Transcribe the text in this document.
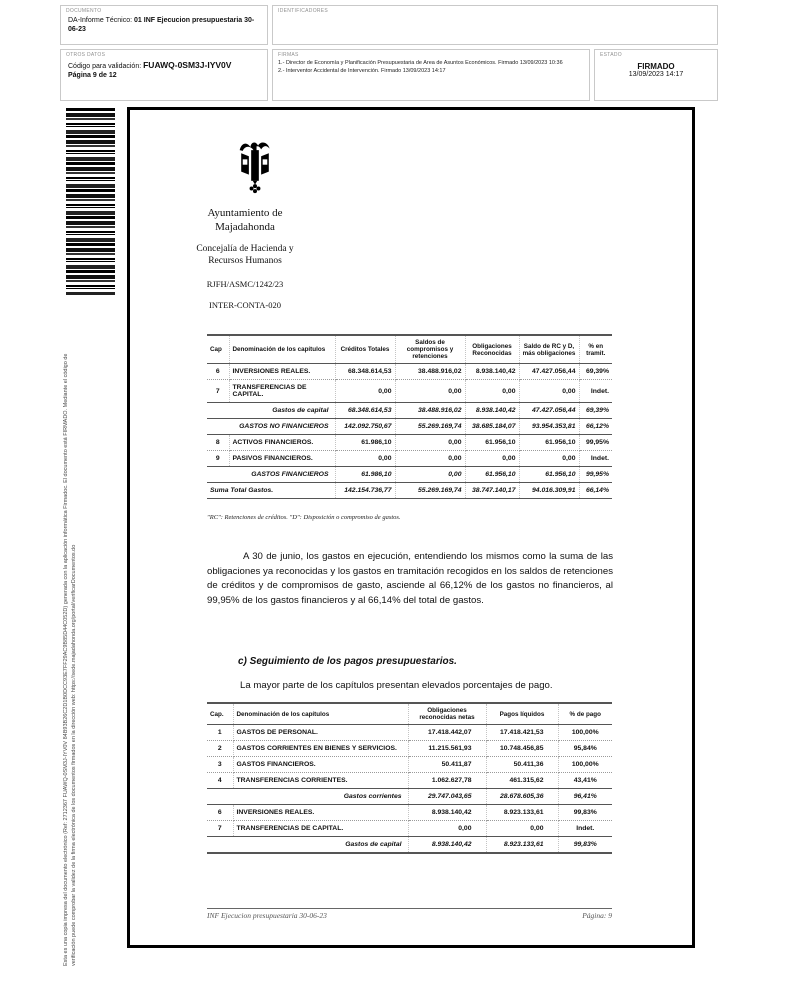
DOCUMENTO
DA-Informe Técnico: 01 INF Ejecucion presupuestaria 30-06-23
IDENTIFICADORES
OTROS DATOS
Código para validación: FUAWQ-0SM3J-IYV0V
Página 9 de 12
FIRMAS
1.- Director de Economía y Planificación Presupuestaria de Area de Asuntos Económicos. Firmado 13/09/2023 10:36
2.- Interventor Accidental de Intervención. Firmado 13/09/2023 14:17
ESTADO
FIRMADO
13/09/2023 14:17
Esta es una copia impresa del documento electrónico (Ref: 2712367 FUAWQ-0SM3J-IYV0V 84B93B26C2D1B0DCC93E7FF29AC9B85D44C052D) generada con la aplicación informática Firmadoc. El documento está FIRMADO. Mediante el código de verificación puede comprobar la validez de la firma electrónica de los documentos firmados en la dirección web: https://sede.majadahonda.org/portal/verificarDocumentos.do
Ayuntamiento de
Majadahonda
Concejalía de Hacienda y
Recursos Humanos
RJFH/ASMC/1242/23
INTER-CONTA-020
Cap	Denominación de los capítulos	Créditos Totales	Saldos de compromisos y retenciones	Obligaciones Reconocidas	Saldo de RC y D, más obligaciones	% en tramit.
6	INVERSIONES REALES.	68.348.614,53	38.488.916,02	8.938.140,42	47.427.056,44	69,39%
7	TRANSFERENCIAS DE CAPITAL.	0,00	0,00	0,00	0,00	Indet.
Gastos de capital		68.348.614,53	38.488.916,02	8.938.140,42	47.427.056,44	69,39%
GASTOS NO FINANCIEROS		142.092.750,67	55.269.169,74	38.685.184,07	93.954.353,81	66,12%
8	ACTIVOS FINANCIEROS.	61.986,10	0,00	61.956,10	61.956,10	99,95%
9	PASIVOS FINANCIEROS.	0,00	0,00	0,00	0,00	Indet.
GASTOS FINANCIEROS		61.986,10	0,00	61.956,10	61.956,10	99,95%
Suma Total Gastos.		142.154.736,77	55.269.169,74	38.747.140,17	94.016.309,91	66,14%
"RC": Retenciones de créditos. "D": Disposición o compromiso de gastos.

A 30 de junio, los gastos en ejecución, entendiendo los mismos como la suma de las obligaciones ya reconocidas y los gastos en tramitación recogidos en los saldos de retenciones de créditos y de compromisos de gasto, asciende al 66,12% de los gastos no financieros, al 99,95% de los gastos financieros y al 66,14% del total de gastos.

c) Seguimiento de los pagos presupuestarios.
La mayor parte de los capítulos presentan elevados porcentajes de pago.
Cap.	Denominación de los capítulos	Obligaciones reconocidas netas	Pagos líquidos	% de pago
1	GASTOS DE PERSONAL.	17.418.442,07	17.418.421,53	100,00%
2	GASTOS CORRIENTES EN BIENES Y SERVICIOS.	11.215.561,93	10.748.456,85	95,84%
3	GASTOS FINANCIEROS.	50.411,87	50.411,36	100,00%
4	TRANSFERENCIAS CORRIENTES.	1.062.627,78	461.315,62	43,41%
Gastos corrientes		29.747.043,65	28.678.605,36	96,41%
6	INVERSIONES REALES.	8.938.140,42	8.923.133,61	99,83%
7	TRANSFERENCIAS DE CAPITAL.	0,00	0,00	Indet.
Gastos de capital		8.938.140,42	8.923.133,61	99,83%
INF Ejecucion presupuestaria 30-06-23	Página: 9
